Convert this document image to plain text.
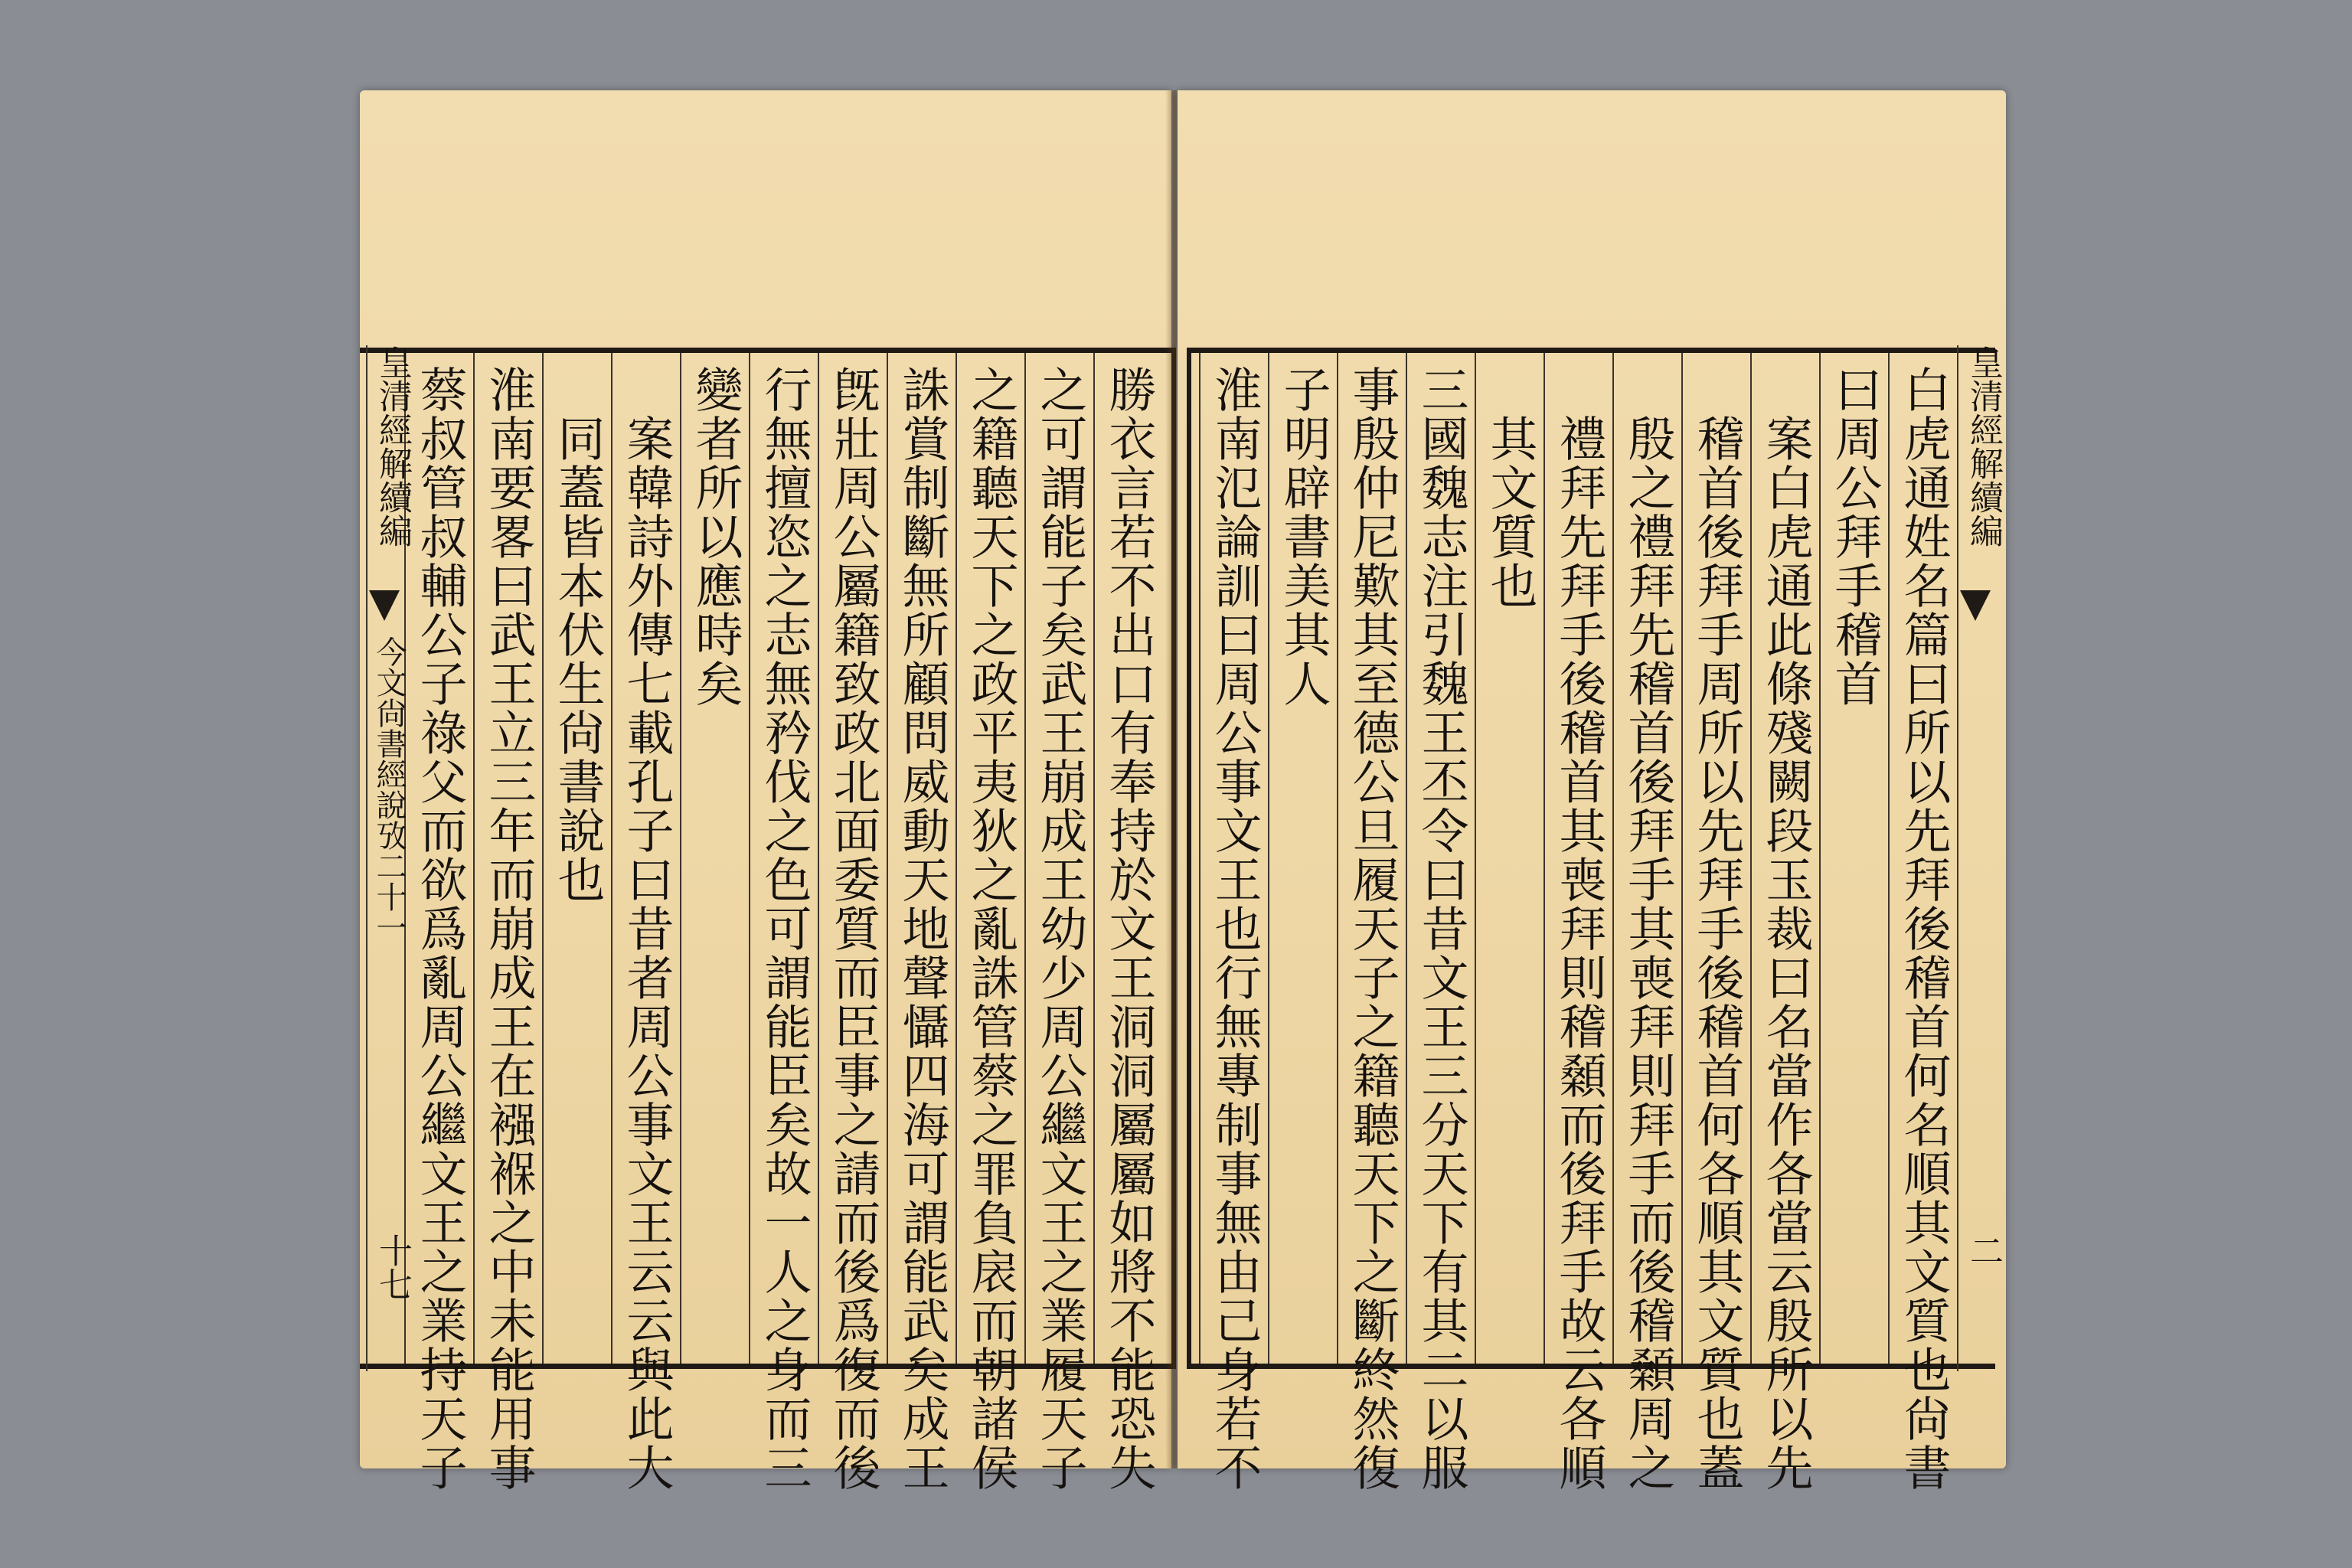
勝衣言若不出口有奉持於文王洞洞屬屬如將不能恐失
之可謂能子矣武王崩成王幼少周公繼文王之業履天子
之籍聽天下之政平夷狄之亂誅管蔡之罪負扆而朝諸侯
誅賞制斷無所顧問威動天地聲懾四海可謂能武矣成王
旣壯周公屬籍致政北面委質而臣事之請而後爲復而後
行無擅恣之志無矜伐之色可謂能臣矣故一人之身而三
變者所以應時矣
案韓詩外傳七載孔子曰昔者周公事文王云云與此大
同蓋皆本伏生尙書說也
淮南要畧曰武王立三年而崩成王在襁褓之中未能用事
蔡叔管叔輔公子祿父而欲爲亂周公繼文王之業持天子
皇清經解續編
今文尙書經說攷二十一
十七
皇清經解續編
二
白虎通姓名篇曰所以先拜後稽首何名順其文質也尙書
曰周公拜手稽首
案白虎通此條殘闕段玉裁曰名當作各當云殷所以先
稽首後拜手周所以先拜手後稽首何各順其文質也蓋
殷之禮拜先稽首後拜手其喪拜則拜手而後稽顙周之
禮拜先拜手後稽首其喪拜則稽顙而後拜手故云各順
其文質也
三國魏志注引魏王丕令曰昔文王三分天下有其二以服
事殷仲尼歎其至德公旦履天子之籍聽天下之斷終然復
子明辟書美其人
淮南氾論訓曰周公事文王也行無專制事無由己身若不
